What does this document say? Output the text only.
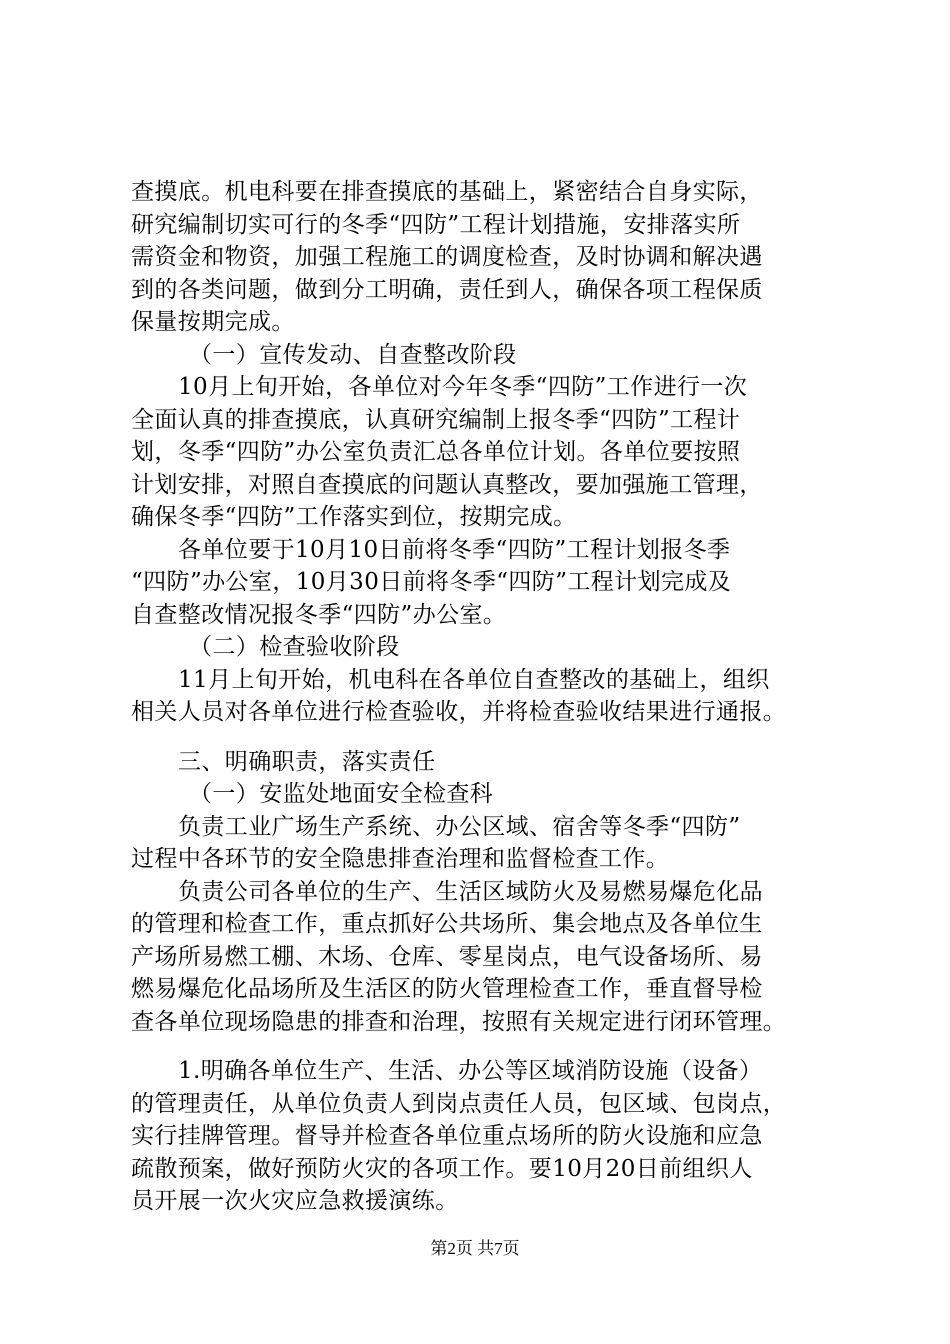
查摸底。机电科要在排查摸底的基础上，紧密结合自身实际，
研究编制切实可行的冬季“四防”工程计划措施，安排落实所
需资金和物资，加强工程施工的调度检查，及时协调和解决遇
到的各类问题，做到分工明确，责任到人，确保各项工程保质
保量按期完成。
（一）宣传发动、自查整改阶段
10月上旬开始，各单位对今年冬季“四防”工作进行一次
全面认真的排查摸底，认真研究编制上报冬季“四防”工程计
划，冬季“四防”办公室负责汇总各单位计划。各单位要按照
计划安排，对照自查摸底的问题认真整改，要加强施工管理，
确保冬季“四防”工作落实到位，按期完成。
各单位要于10月10日前将冬季“四防”工程计划报冬季
“四防”办公室，10月30日前将冬季“四防”工程计划完成及
自查整改情况报冬季“四防”办公室。
（二）检查验收阶段
11月上旬开始，机电科在各单位自查整改的基础上，组织
相关人员对各单位进行检查验收，并将检查验收结果进行通报。
三、明确职责，落实责任
（一）安监处地面安全检查科
负责工业广场生产系统、办公区域、宿舍等冬季“四防”
过程中各环节的安全隐患排查治理和监督检查工作。
负责公司各单位的生产、生活区域防火及易燃易爆危化品
的管理和检查工作，重点抓好公共场所、集会地点及各单位生
产场所易燃工棚、木场、仓库、零星岗点，电气设备场所、易
燃易爆危化品场所及生活区的防火管理检查工作，垂直督导检
查各单位现场隐患的排查和治理，按照有关规定进行闭环管理。
1.明确各单位生产、生活、办公等区域消防设施（设备）
的管理责任，从单位负责人到岗点责任人员，包区域、包岗点，
实行挂牌管理。督导并检查各单位重点场所的防火设施和应急
疏散预案，做好预防火灾的各项工作。要10月20日前组织人
员开展一次火灾应急救援演练。
第2页 共7页
